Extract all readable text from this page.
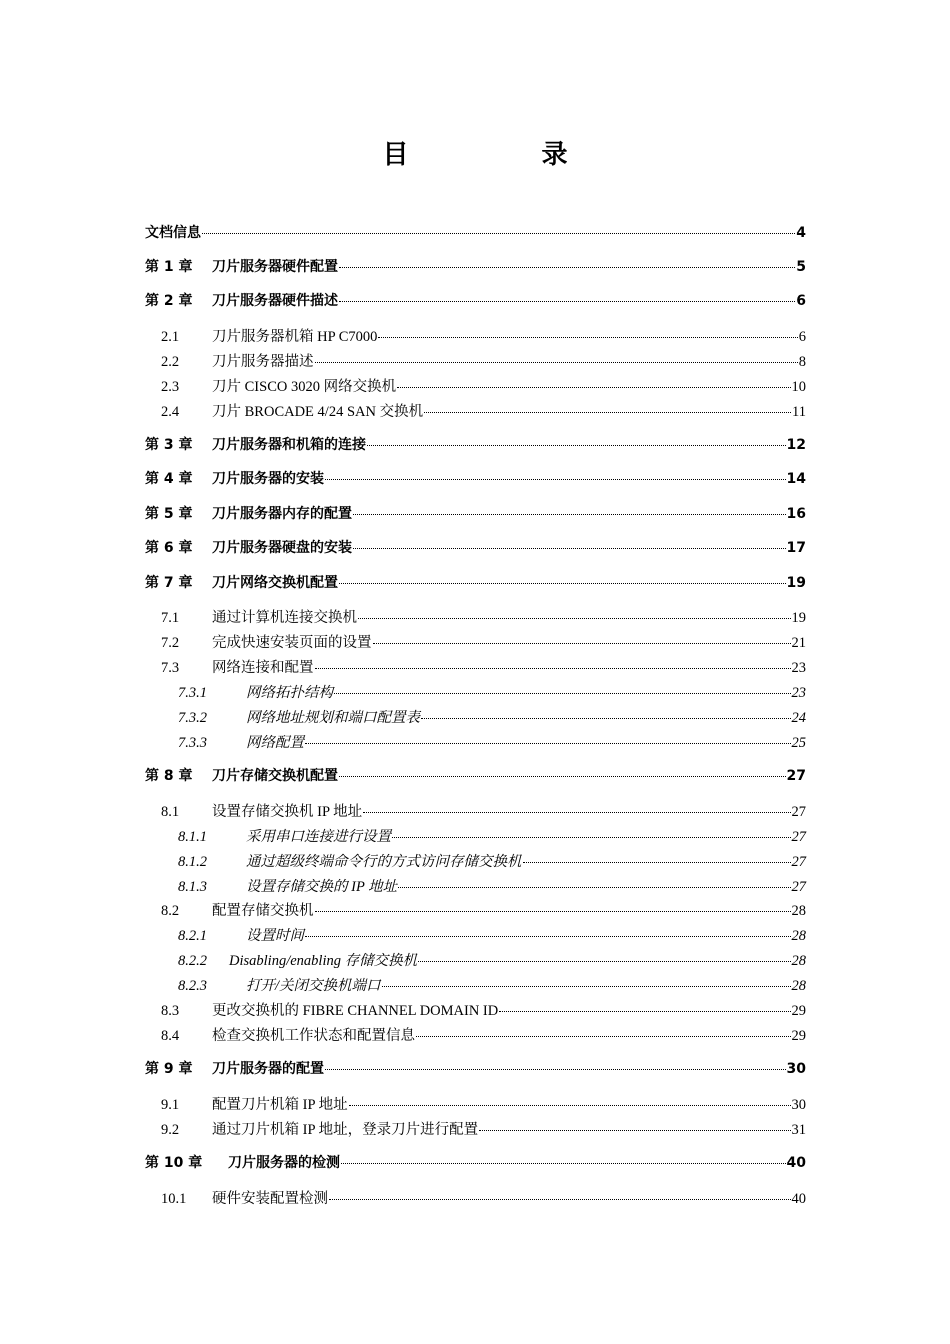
目 录
文档信息	4
第 1 章	刀片服务器硬件配置	5
第 2 章	刀片服务器硬件描述	6
2.1	刀片服务器机箱 HP C7000	6
2.2	刀片服务器描述	8
2.3	刀片 CISCO 3020 网络交换机	10
2.4	刀片 BROCADE 4/24 SAN 交换机	11
第 3 章	刀片服务器和机箱的连接	12
第 4 章	刀片服务器的安装	14
第 5 章	刀片服务器内存的配置	16
第 6 章	刀片服务器硬盘的安装	17
第 7 章	刀片网络交换机配置	19
7.1	通过计算机连接交换机	19
7.2	完成快速安装页面的设置	21
7.3	网络连接和配置	23
7.3.1	网络拓扑结构	23
7.3.2	网络地址规划和端口配置表	24
7.3.3	网络配置	25
第 8 章	刀片存储交换机配置	27
8.1	设置存储交换机 IP 地址	27
8.1.1	采用串口连接进行设置	27
8.1.2	通过超级终端命令行的方式访问存储交换机	27
8.1.3	设置存储交换的 IP 地址	27
8.2	配置存储交换机	28
8.2.1	设置时间	28
8.2.2	Disabling/enabling 存储交换机	28
8.2.3	打开/关闭交换机端口	28
8.3	更改交换机的 FIBRE CHANNEL DOMAIN ID	29
8.4	检查交换机工作状态和配置信息	29
第 9 章	刀片服务器的配置	30
9.1	配置刀片机箱 IP 地址	30
9.2	通过刀片机箱 IP 地址，登录刀片进行配置	31
第 10 章	刀片服务器的检测	40
10.1	硬件安装配置检测	40
